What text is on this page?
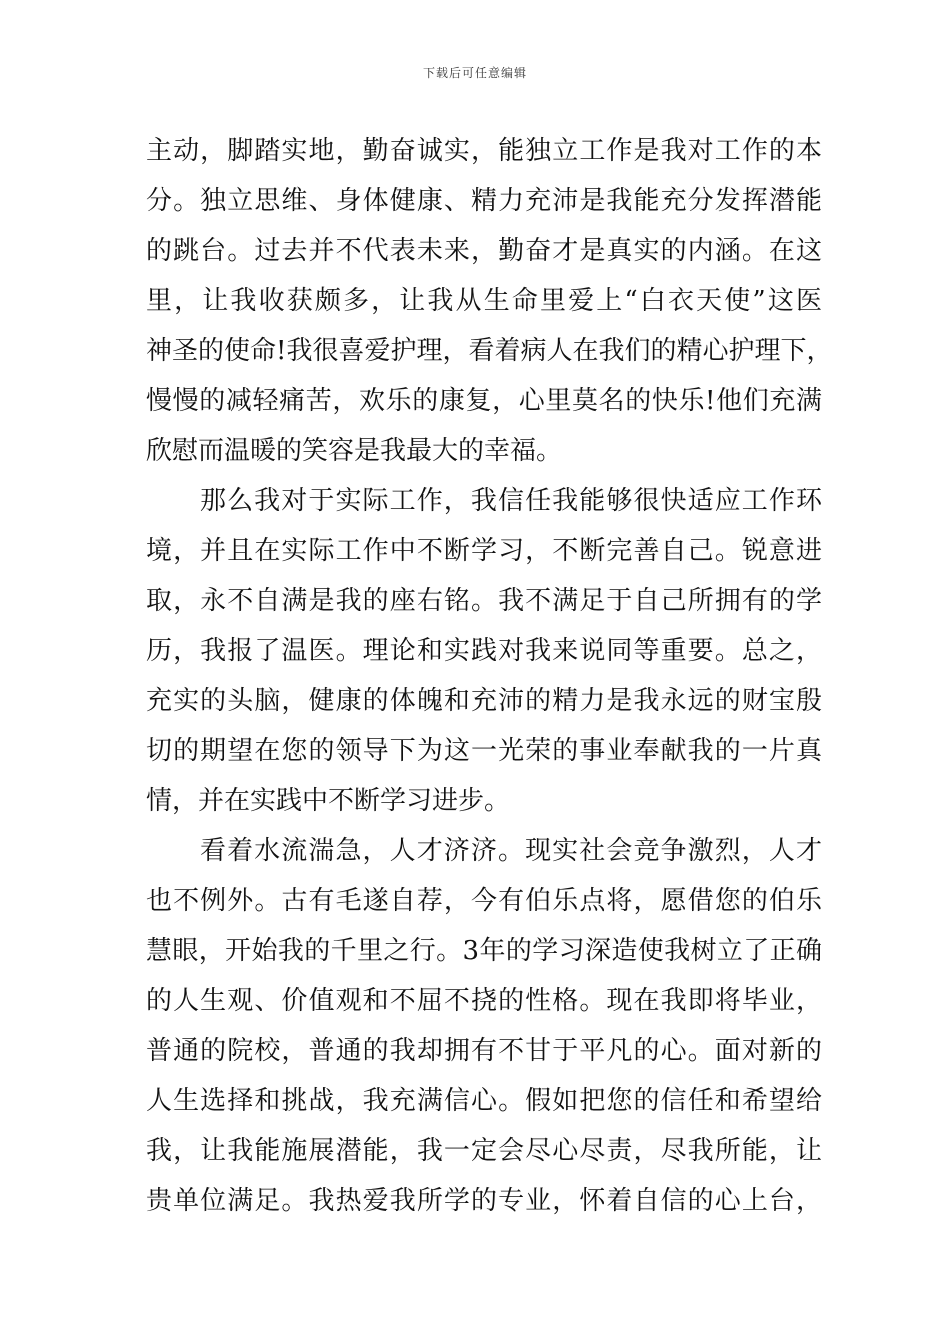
下载后可任意编辑
主动，脚踏实地，勤奋诚实，能独立工作是我对工作的本
分。独立思维、身体健康、精力充沛是我能充分发挥潜能
的跳台。过去并不代表未来，勤奋才是真实的内涵。在这
里，让我收获颇多，让我从生命里爱上“白衣天使”这医
神圣的使命!我很喜爱护理，看着病人在我们的精心护理下，
慢慢的减轻痛苦，欢乐的康复，心里莫名的快乐!他们充满
欣慰而温暖的笑容是我最大的幸福。
那么我对于实际工作，我信任我能够很快适应工作环
境，并且在实际工作中不断学习，不断完善自己。锐意进
取，永不自满是我的座右铭。我不满足于自己所拥有的学
历，我报了温医。理论和实践对我来说同等重要。总之，
充实的头脑，健康的体魄和充沛的精力是我永远的财宝殷
切的期望在您的领导下为这一光荣的事业奉献我的一片真
情，并在实践中不断学习进步。
看着水流湍急，人才济济。现实社会竞争激烈，人才
也不例外。古有毛遂自荐，今有伯乐点将，愿借您的伯乐
慧眼，开始我的千里之行。3年的学习深造使我树立了正确
的人生观、价值观和不屈不挠的性格。现在我即将毕业，
普通的院校，普通的我却拥有不甘于平凡的心。面对新的
人生选择和挑战，我充满信心。假如把您的信任和希望给
我，让我能施展潜能，我一定会尽心尽责，尽我所能，让
贵单位满足。我热爱我所学的专业，怀着自信的心上台，
